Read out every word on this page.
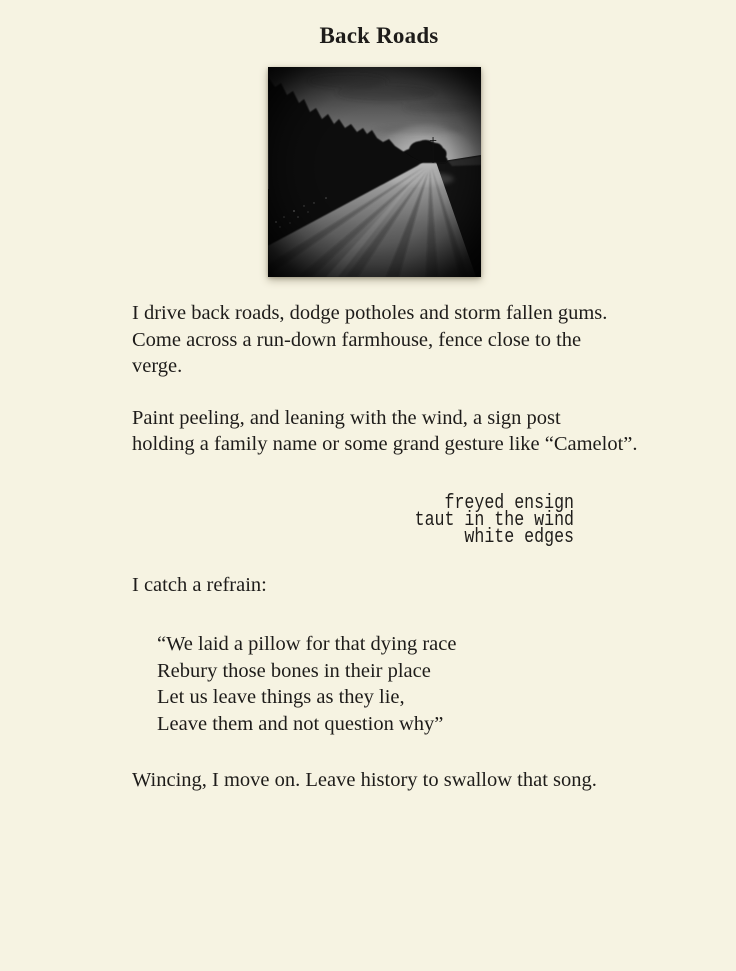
Back Roads
I drive back roads, dodge potholes and storm fallen gums.
Come across a run-down farmhouse, fence close to the
verge.
Paint peeling, and leaning with the wind, a sign post
holding a family name or some grand gesture like “Camelot”.
freyed ensign
taut in the wind
white edges
I catch a refrain:
“We laid a pillow for that dying race
Rebury those bones in their place
Let us leave things as they lie,
Leave them and not question why”
Wincing, I move on. Leave history to swallow that song.
